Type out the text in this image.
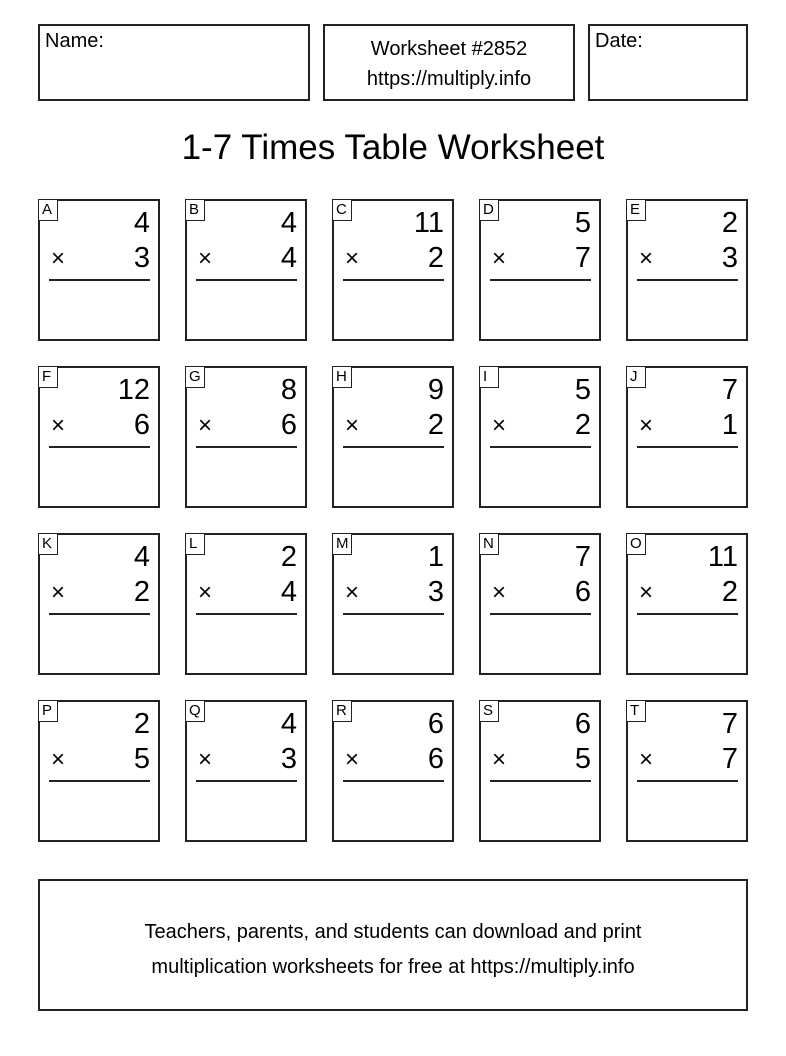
Name:	Worksheet #2852
https://multiply.info
Date:
1-7 Times Table Worksheet
A	4
× 3
B	4
× 4
C 11
× 2
D	5
× 7
E	2
× 3
F 12
× 6
G	8
× 6
H	9
× 2
I	5
× 2
J	7
× 1
K	4
× 2
L	2
× 4
M	1
× 3
N	7
× 6
O 11
× 2
P	2
× 5
Q	4
× 3
R	6
× 6
S	6
× 5
T	7
× 7
Teachers, parents, and students can download and print
multiplication worksheets for free at https://multiply.info
